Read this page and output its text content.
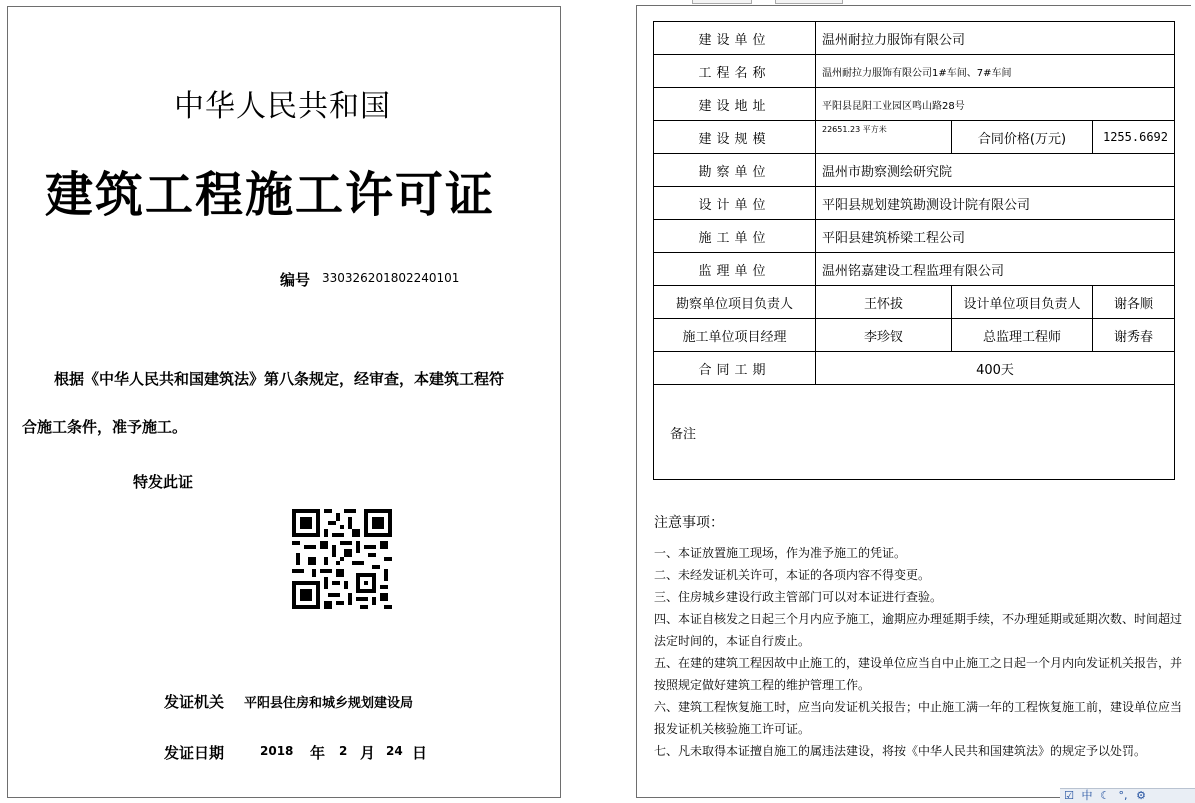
中华人民共和国
建筑工程施工许可证
编号 330326201802240101
根据《中华人民共和国建筑法》第八条规定，经审查，本建筑工程符
合施工条件，准予施工。
特发此证
发证机关 平阳县住房和城乡规划建设局
发证日期	2018 年 2 月 24 日
建设单位	温州耐拉力服饰有限公司		
工程名称	温州耐拉力服饰有限公司1#车间、7#车间		
建设地址	平阳县昆阳工业园区鸣山路28号		
建设规模	22651.23 平方米	合同价格(万元)	1255.6692
勘察单位	温州市勘察测绘研究院		
设计单位	平阳县规划建筑勘测设计院有限公司		
施工单位	平阳县建筑桥梁工程公司		
监理单位	温州铭嘉建设工程监理有限公司		
勘察单位项目负责人	王怀拔	设计单位项目负责人	谢各顺
施工单位项目经理	李珍钗	总监理工程师	谢秀春
合同工期	400天		
备注			
注意事项：
一、本证放置施工现场，作为准予施工的凭证。
二、未经发证机关许可，本证的各项内容不得变更。
三、住房城乡建设行政主管部门可以对本证进行查验。
四、本证自核发之日起三个月内应予施工，逾期应办理延期手续，不办理延期或延期次数、时间超过法定时间的，本证自行废止。
五、在建的建筑工程因故中止施工的，建设单位应当自中止施工之日起一个月内向发证机关报告，并按照规定做好建筑工程的维护管理工作。
六、建筑工程恢复施工时，应当向发证机关报告；中止施工满一年的工程恢复施工前，建设单位应当报发证机关核验施工许可证。
七、凡未取得本证擅自施工的属违法建设，将按《中华人民共和国建筑法》的规定予以处罚。
☑ 中 ☾ °, ⚙
